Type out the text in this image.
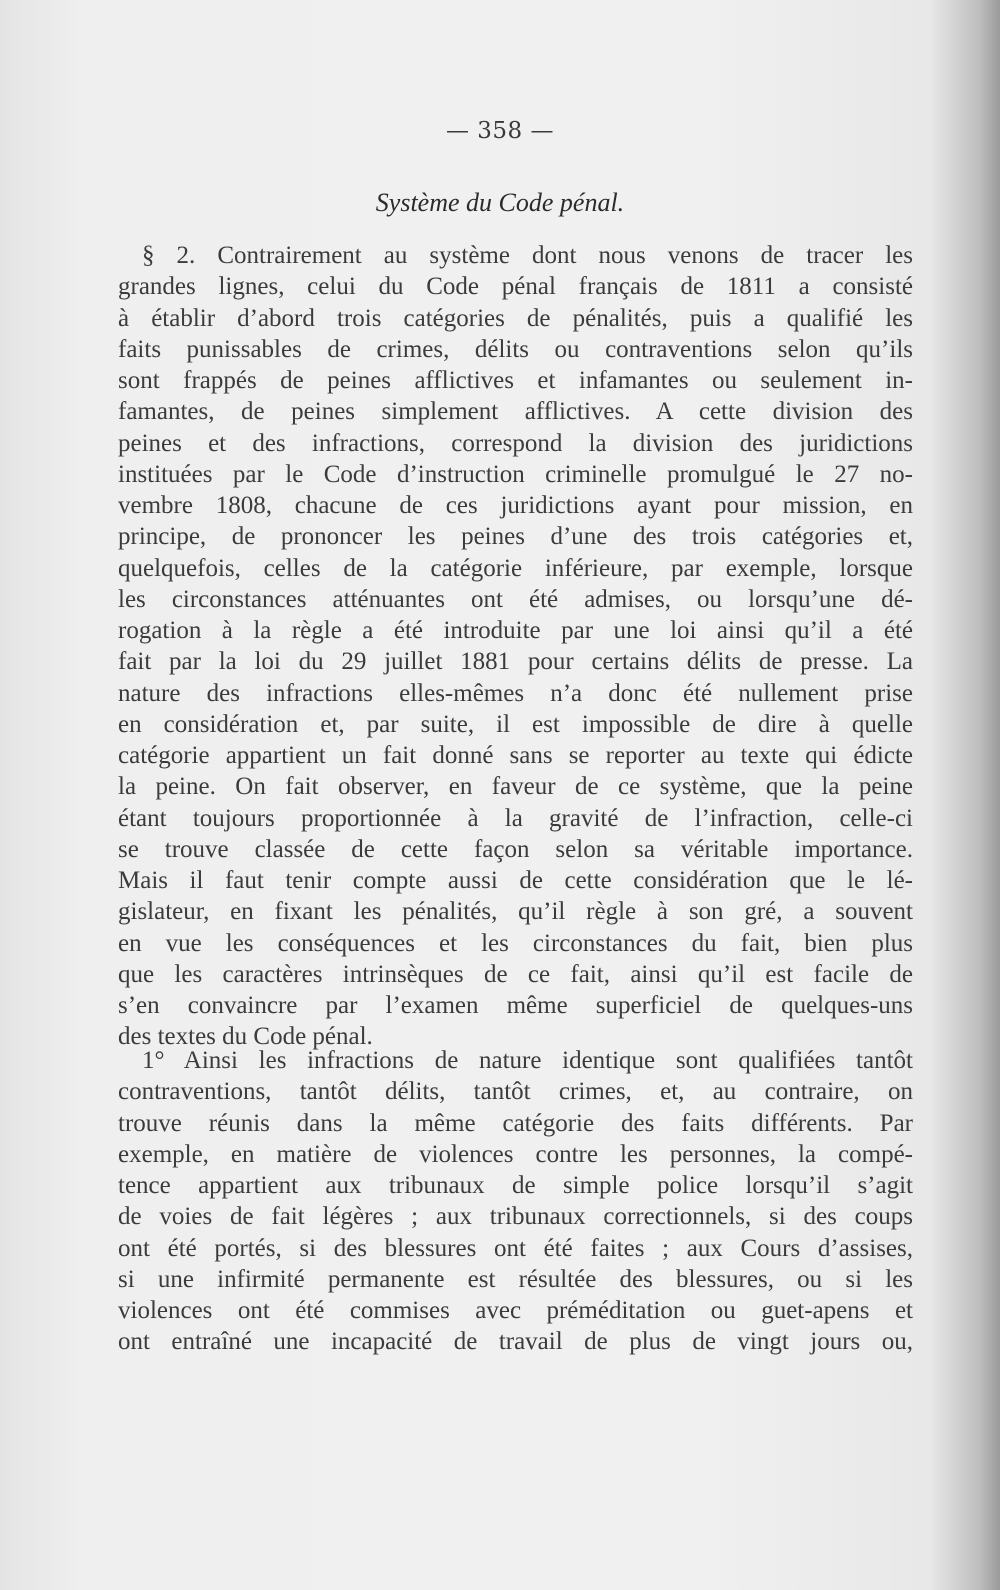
— 358 —
Système du Code pénal.
§ 2. Contrairement au système dont nous venons de tracer les
grandes lignes, celui du Code pénal français de 1811 a consisté
à établir d’abord trois catégories de pénalités, puis a qualifié les
faits punissables de crimes, délits ou contraventions selon qu’ils
sont frappés de peines afflictives et infamantes ou seulement in-
famantes, de peines simplement afflictives. A cette division des
peines et des infractions, correspond la division des juridictions
instituées par le Code d’instruction criminelle promulgué le 27 no-
vembre 1808, chacune de ces juridictions ayant pour mission, en
principe, de prononcer les peines d’une des trois catégories et,
quelquefois, celles de la catégorie inférieure, par exemple, lorsque
les circonstances atténuantes ont été admises, ou lorsqu’une dé-
rogation à la règle a été introduite par une loi ainsi qu’il a été
fait par la loi du 29 juillet 1881 pour certains délits de presse. La
nature des infractions elles-mêmes n’a donc été nullement prise
en considération et, par suite, il est impossible de dire à quelle
catégorie appartient un fait donné sans se reporter au texte qui édicte
la peine. On fait observer, en faveur de ce système, que la peine
étant toujours proportionnée à la gravité de l’infraction, celle-ci
se trouve classée de cette façon selon sa véritable importance.
Mais il faut tenir compte aussi de cette considération que le lé-
gislateur, en fixant les pénalités, qu’il règle à son gré, a souvent
en vue les conséquences et les circonstances du fait, bien plus
que les caractères intrinsèques de ce fait, ainsi qu’il est facile de
s’en convaincre par l’examen même superficiel de quelques-uns
des textes du Code pénal.
1° Ainsi les infractions de nature identique sont qualifiées tantôt
contraventions, tantôt délits, tantôt crimes, et, au contraire, on
trouve réunis dans la même catégorie des faits différents. Par
exemple, en matière de violences contre les personnes, la compé-
tence appartient aux tribunaux de simple police lorsqu’il s’agit
de voies de fait légères ; aux tribunaux correctionnels, si des coups
ont été portés, si des blessures ont été faites ; aux Cours d’assises,
si une infirmité permanente est résultée des blessures, ou si les
violences ont été commises avec préméditation ou guet-apens et
ont entraîné une incapacité de travail de plus de vingt jours ou,
